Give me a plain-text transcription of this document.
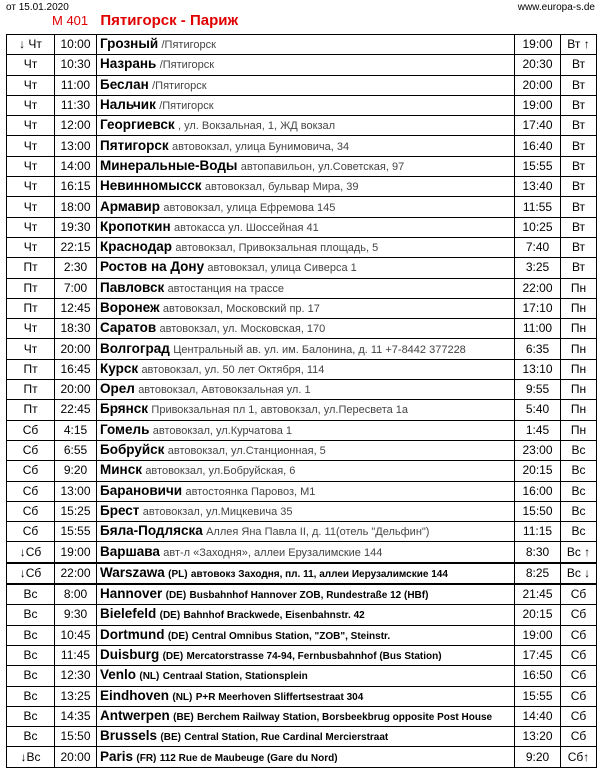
от 15.01.2020	www.europa-s.de
М 401 Пятигорск - Париж
↓ Чт	10:00	Грозный /Пятигорск	19:00	Вт ↑
Чт	10:30	Назрань /Пятигорск	20:30	Вт
Чт	11:00	Беслан /Пятигорск	20:00	Вт
Чт	11:30	Нальчик /Пятигорск	19:00	Вт
Чт	12:00	Георгиевск , ул. Вокзальная, 1, ЖД вокзал	17:40	Вт
Чт	13:00	Пятигорск автовокзал, улица Бунимовича, 34	16:40	Вт
Чт	14:00	Минеральные-Воды автопавильон, ул.Советская, 97	15:55	Вт
Чт	16:15	Невинномысск автовокзал, бульвар Мира, 39	13:40	Вт
Чт	18:00	Армавир автовокзал, улица Ефремова 145	11:55	Вт
Чт	19:30	Кропоткин автокасса ул. Шоссейная 41	10:25	Вт
Чт	22:15	Краснодар автовокзал, Привокзальная площадь, 5	7:40	Вт
Пт	2:30	Ростов на Дону автовокзал, улица Сиверса 1	3:25	Вт
Пт	7:00	Павловск автостанция на трассе	22:00	Пн
Пт	12:45	Воронеж автовокзал, Московский пр. 17	17:10	Пн
Чт	18:30	Саратов автовокзал, ул. Московская, 170	11:00	Пн
Чт	20:00	Волгоград Центральный ав. ул. им. Балонина, д. 11 +7-8442 377228	6:35	Пн
Пт	16:45	Курск автовокзал, ул. 50 лет Октября, 114	13:10	Пн
Пт	20:00	Орел автовокзал, Автовокзальная ул. 1	9:55	Пн
Пт	22:45	Брянск Привокзальная пл 1, автовокзал, ул.Пересвета 1а	5:40	Пн
Сб	4:15	Гомель автовокзал, ул.Курчатова 1	1:45	Пн
Сб	6:55	Бобруйск автовокзал, ул.Станционная, 5	23:00	Вс
Сб	9:20	Минск автовокзал, ул.Бобруйская, 6	20:15	Вс
Сб	13:00	Барановичи автостоянка Паровоз, М1	16:00	Вс
Сб	15:25	Брест автовокзал, ул.Мицкевича 35	15:50	Вс
Сб	15:55	Бяла-Подляска Аллея Яна Павла II, д. 11(отель "Дельфин")	11:15	Вс
↓Сб	19:00	Варшава авт-л «Заходня», аллеи Ерузалимские 144	8:30	Вс ↑
↓Сб	22:00	Warszawa (PL) автовокз Заходня, пл. 11, аллеи Иерузалимские 144	8:25	Вс ↓
Вс	8:00	Hannover (DE) Busbahnhof Hannover ZOB, Rundestraße 12 (HBf)	21:45	Сб
Вс	9:30	Bielefeld (DE) Bahnhof Brackwede, Eisenbahnstr. 42	20:15	Сб
Вс	10:45	Dortmund (DE) Central Omnibus Station, "ZOB", Steinstr.	19:00	Сб
Вс	11:45	Duisburg (DE) Mercatorstrasse 74-94, Fernbusbahnhof (Bus Station)	17:45	Сб
Вс	12:30	Venlo (NL) Centraal Station, Stationsplein	16:50	Сб
Вс	13:25	Eindhoven (NL) P+R Meerhoven Sliffertsestraat 304	15:55	Сб
Вс	14:35	Antwerpen (BE) Berchem Railway Station, Borsbeekbrug opposite Post House	14:40	Сб
Вс	15:50	Brussels (BE) Central Station, Rue Cardinal Mercierstraat	13:20	Сб
↓Вс	20:00	Paris (FR) 112 Rue de Maubeuge (Gare du Nord)	9:20	Сб↑
